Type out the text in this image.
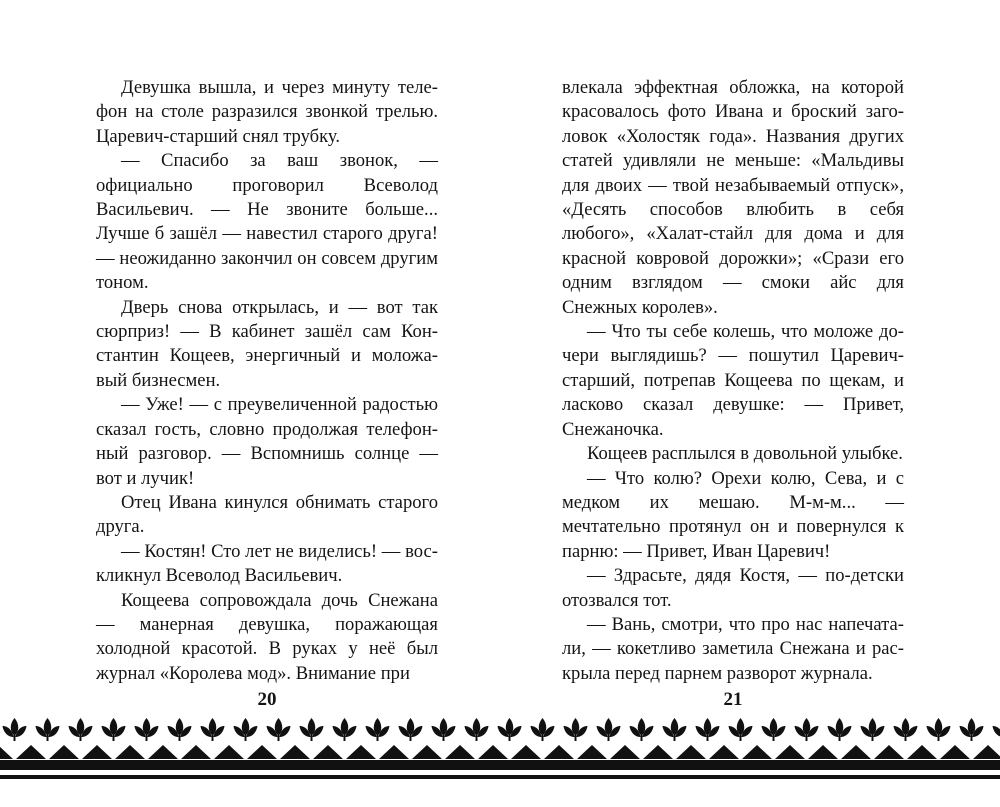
Девушка вышла, и через минуту телефон на столе разразился звонкой трелью. Царевич-старший снял трубку.

— Спасибо за ваш звонок, — официально проговорил Всеволод Васильевич. — Не звоните больше... Лучше б зашёл — навестил старого друга! — неожиданно закончил он совсем другим тоном.

Дверь снова открылась, и — вот так сюрприз! — В кабинет зашёл сам Константин Кощеев, энергичный и моложавый бизнесмен.

— Уже! — с преувеличенной радостью сказал гость, словно продолжая телефонный разговор. — Вспомнишь солнце — вот и лучик!

Отец Ивана кинулся обнимать старого друга.

— Костян! Сто лет не виделись! — воскликнул Всеволод Васильевич.

Кощеева сопровождала дочь Снежана — манерная девушка, поражающая холодной красотой. В руках у неё был журнал «Королева мод». Внимание при

влекала эффектная обложка, на которой красовалось фото Ивана и броский заголовок «Холостяк года». Названия других статей удивляли не меньше: «Мальдивы для двоих — твой незабываемый отпуск», «Десять способов влюбить в себя любого», «Халат-стайл для дома и для красной ковровой дорожки»; «Срази его одним взглядом — смоки айс для Снежных королев».

— Что ты себе колешь, что моложе дочери выглядишь? — пошутил Царевич-старший, потрепав Кощеева по щекам, и ласково сказал девушке: — Привет, Снежаночка.

Кощеев расплылся в довольной улыбке.

— Что колю? Орехи колю, Сева, и с медком их мешаю. М-м-м... — мечтательно протянул он и повернулся к парню: — Привет, Иван Царевич!

— Здрасьте, дядя Костя, — по-детски отозвался тот.

— Вань, смотри, что про нас напечатали, — кокетливо заметила Снежана и раскрыла перед парнем разворот журнала.

20	21
